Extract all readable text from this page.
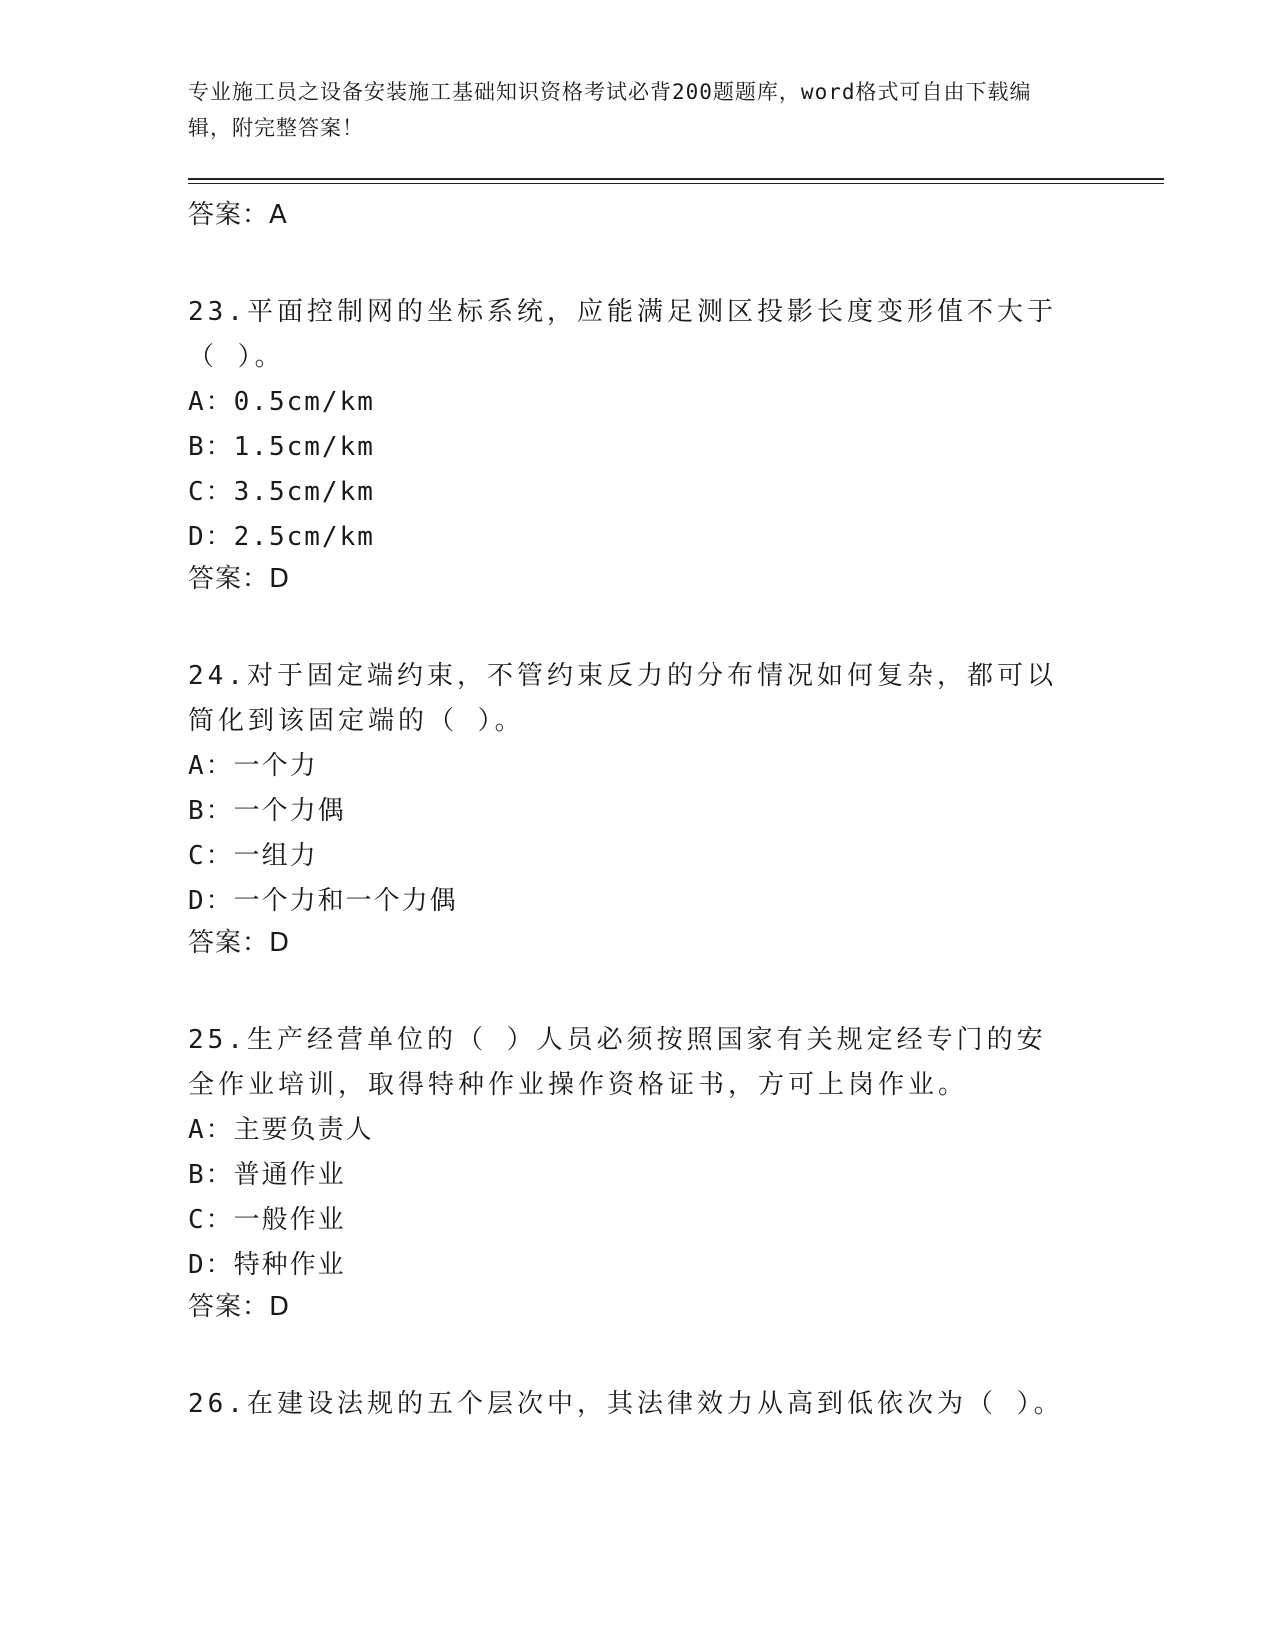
专业施工员之设备安装施工基础知识资格考试必背200题题库，word格式可自由下载编辑，附完整答案！
答案：A
23.平面控制网的坐标系统，应能满足测区投影长度变形值不大于（ ）。
A：0.5cm/km
B：1.5cm/km
C：3.5cm/km
D：2.5cm/km
答案：D
24.对于固定端约束，不管约束反力的分布情况如何复杂，都可以简化到该固定端的（ ）。
A：一个力
B：一个力偶
C：一组力
D：一个力和一个力偶
答案：D
25.生产经营单位的（ ）人员必须按照国家有关规定经专门的安全作业培训，取得特种作业操作资格证书，方可上岗作业。
A：主要负责人
B：普通作业
C：一般作业
D：特种作业
答案：D
26.在建设法规的五个层次中，其法律效力从高到低依次为（ ）。
